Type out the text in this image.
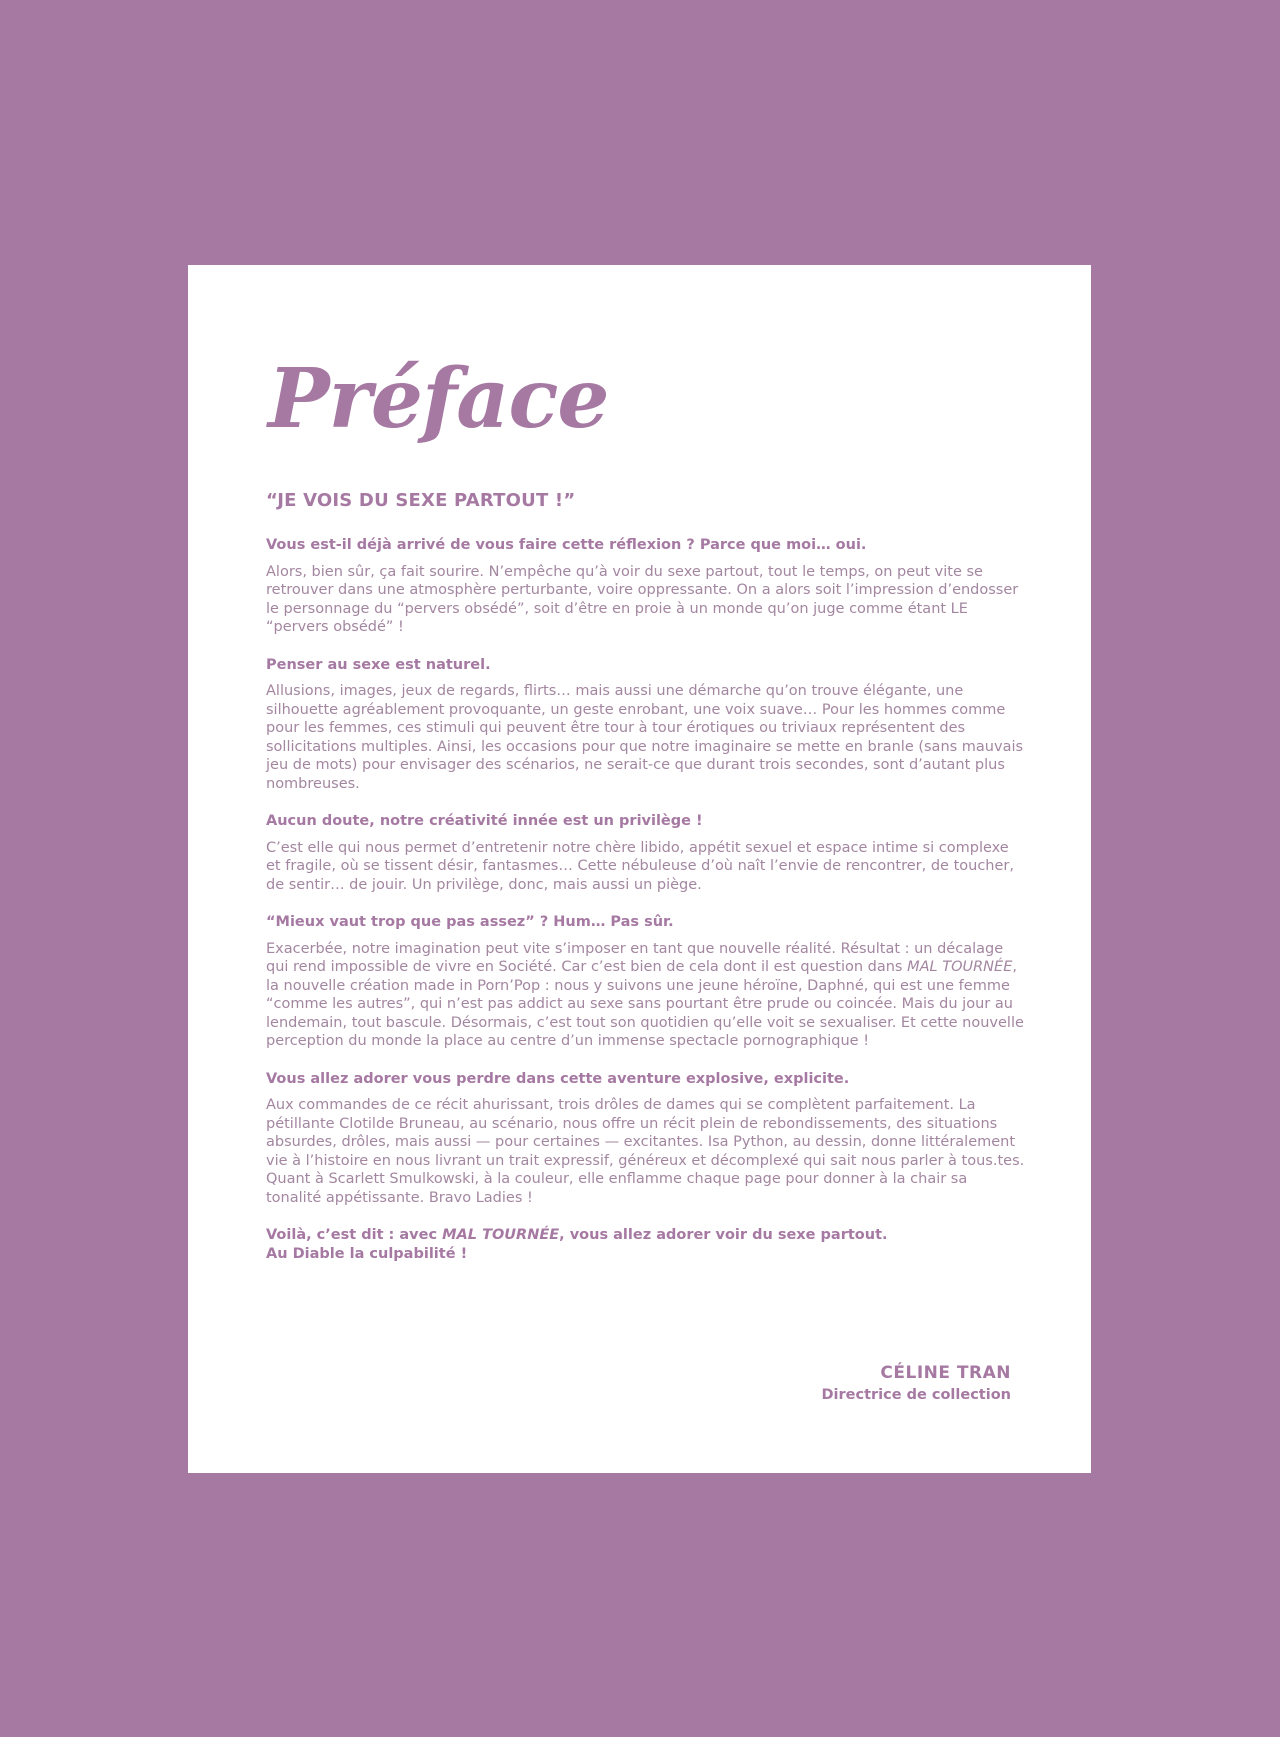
Préface

“JE VOIS DU SEXE PARTOUT !”

Vous est-il déjà arrivé de vous faire cette réflexion ? Parce que moi… oui.

Alors, bien sûr, ça fait sourire. N’empêche qu’à voir du sexe partout, tout le temps, on peut vite se retrouver dans une atmosphère perturbante, voire oppressante. On a alors soit l’impression d’endosser le personnage du “pervers obsédé”, soit d’être en proie à un monde qu’on juge comme étant LE “pervers obsédé” !

Penser au sexe est naturel.

Allusions, images, jeux de regards, flirts… mais aussi une démarche qu’on trouve élégante, une silhouette agréablement provoquante, un geste enrobant, une voix suave… Pour les hommes comme pour les femmes, ces stimuli qui peuvent être tour à tour érotiques ou triviaux représentent des sollicitations multiples. Ainsi, les occasions pour que notre imaginaire se mette en branle (sans mauvais jeu de mots) pour envisager des scénarios, ne serait-ce que durant trois secondes, sont d’autant plus nombreuses.

Aucun doute, notre créativité innée est un privilège !

C’est elle qui nous permet d’entretenir notre chère libido, appétit sexuel et espace intime si complexe et fragile, où se tissent désir, fantasmes… Cette nébuleuse d’où naît l’envie de rencontrer, de toucher, de sentir… de jouir. Un privilège, donc, mais aussi un piège.

“Mieux vaut trop que pas assez” ? Hum… Pas sûr.

Exacerbée, notre imagination peut vite s’imposer en tant que nouvelle réalité. Résultat : un décalage qui rend impossible de vivre en Société. Car c’est bien de cela dont il est question dans MAL TOURNÉE, la nouvelle création made in Porn’Pop : nous y suivons une jeune héroïne, Daphné, qui est une femme “comme les autres”, qui n’est pas addict au sexe sans pourtant être prude ou coincée. Mais du jour au lendemain, tout bascule. Désormais, c’est tout son quotidien qu’elle voit se sexualiser. Et cette nouvelle perception du monde la place au centre d’un immense spectacle pornographique !

Vous allez adorer vous perdre dans cette aventure explosive, explicite.

Aux commandes de ce récit ahurissant, trois drôles de dames qui se complètent parfaitement. La pétillante Clotilde Bruneau, au scénario, nous offre un récit plein de rebondissements, des situations absurdes, drôles, mais aussi — pour certaines — excitantes. Isa Python, au dessin, donne littéralement vie à l’histoire en nous livrant un trait expressif, généreux et décomplexé qui sait nous parler à tous.tes.
Quant à Scarlett Smulkowski, à la couleur, elle enflamme chaque page pour donner à la chair sa tonalité appétissante. Bravo Ladies !

Voilà, c’est dit : avec MAL TOURNÉE, vous allez adorer voir du sexe partout.
Au Diable la culpabilité !

CÉLINE TRAN
Directrice de collection
